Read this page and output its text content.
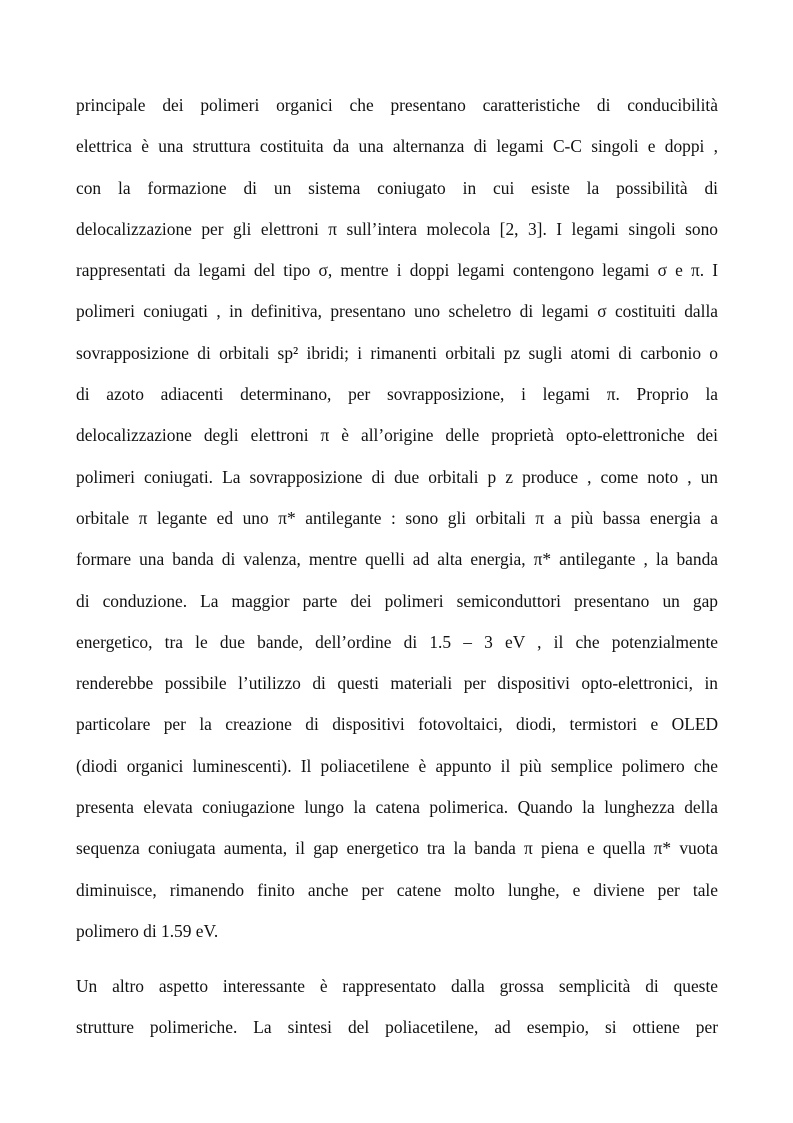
principale dei polimeri organici che presentano caratteristiche di conducibilità
elettrica è una struttura costituita da una alternanza di legami C-C singoli e doppi ,
con la formazione di un sistema coniugato in cui esiste la possibilità di
delocalizzazione per gli elettroni π sull’intera molecola [2, 3]. I legami singoli sono
rappresentati da legami del tipo σ, mentre i doppi legami contengono legami σ e π. I
polimeri coniugati , in definitiva, presentano uno scheletro di legami σ costituiti dalla
sovrapposizione di orbitali sp² ibridi; i rimanenti orbitali pz sugli atomi di carbonio o
di azoto adiacenti determinano, per sovrapposizione, i legami π. Proprio la
delocalizzazione degli elettroni π è all’origine delle proprietà opto-elettroniche dei
polimeri coniugati. La sovrapposizione di due orbitali p z produce , come noto , un
orbitale π legante ed uno π* antilegante : sono gli orbitali π a più bassa energia a
formare una banda di valenza, mentre quelli ad alta energia, π* antilegante , la banda
di conduzione. La maggior parte dei polimeri semiconduttori presentano un gap
energetico, tra le due bande, dell’ordine di 1.5 – 3 eV , il che potenzialmente
renderebbe possibile l’utilizzo di questi materiali per dispositivi opto-elettronici, in
particolare per la creazione di dispositivi fotovoltaici, diodi, termistori e OLED
(diodi organici luminescenti). Il poliacetilene è appunto il più semplice polimero che
presenta elevata coniugazione lungo la catena polimerica. Quando la lunghezza della
sequenza coniugata aumenta, il gap energetico tra la banda π piena e quella π* vuota
diminuisce, rimanendo finito anche per catene molto lunghe, e diviene per tale
polimero di 1.59 eV.
Un altro aspetto interessante è rappresentato dalla grossa semplicità di queste
strutture polimeriche. La sintesi del poliacetilene, ad esempio, si ottiene per
